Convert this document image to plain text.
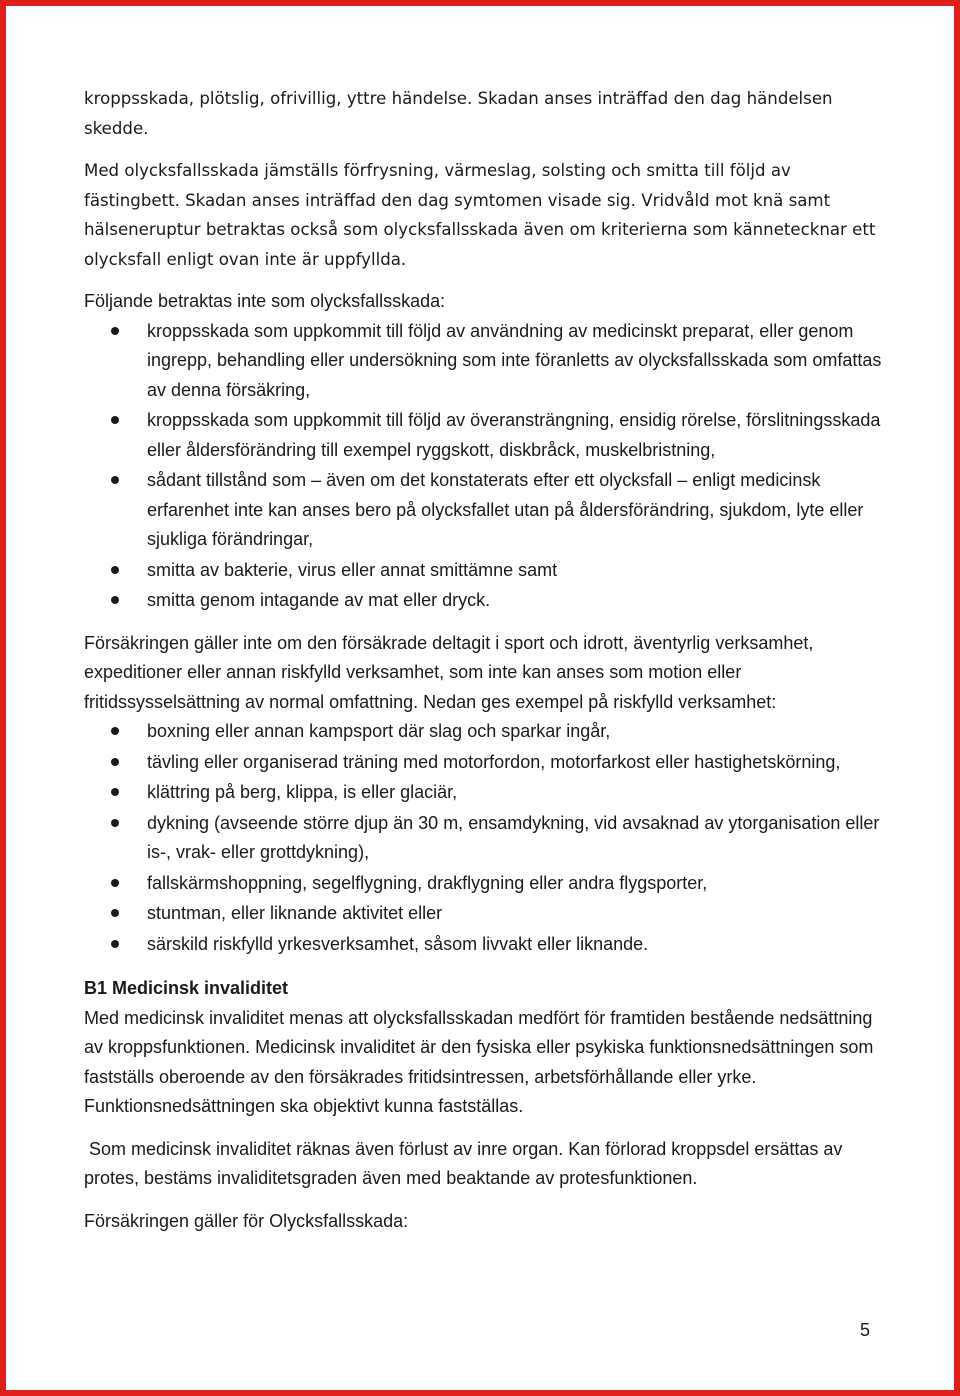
kroppsskada, plötslig, ofrivillig, yttre händelse. Skadan anses inträffad den dag händelsen skedde.

Med olycksfallsskada jämställs förfrysning, värmeslag, solsting och smitta till följd av fästingbett. Skadan anses inträffad den dag symtomen visade sig. Vridvåld mot knä samt hälseneruptur betraktas också som olycksfallsskada även om kriterierna som kännetecknar ett olycksfall enligt ovan inte är uppfyllda.

Följande betraktas inte som olycksfallsskada:

kroppsskada som uppkommit till följd av användning av medicinskt preparat, eller genom ingrepp, behandling eller undersökning som inte föranletts av olycksfallsskada som omfattas av denna försäkring,
kroppsskada som uppkommit till följd av överansträngning, ensidig rörelse, förslitningsskada eller åldersförändring till exempel ryggskott, diskbråck, muskelbristning,
sådant tillstånd som – även om det konstaterats efter ett olycksfall – enligt medicinsk erfarenhet inte kan anses bero på olycksfallet utan på åldersförändring, sjukdom, lyte eller sjukliga förändringar,
smitta av bakterie, virus eller annat smittämne samt
smitta genom intagande av mat eller dryck.

Försäkringen gäller inte om den försäkrade deltagit i sport och idrott, äventyrlig verksamhet, expeditioner eller annan riskfylld verksamhet, som inte kan anses som motion eller fritidssysselsättning av normal omfattning. Nedan ges exempel på riskfylld verksamhet:

boxning eller annan kampsport där slag och sparkar ingår,
tävling eller organiserad träning med motorfordon, motorfarkost eller hastighetskörning,
klättring på berg, klippa, is eller glaciär,
dykning (avseende större djup än 30 m, ensamdykning, vid avsaknad av ytorganisation eller is-, vrak- eller grottdykning),
fallskärmshoppning, segelflygning, drakflygning eller andra flygsporter,
stuntman, eller liknande aktivitet eller
särskild riskfylld yrkesverksamhet, såsom livvakt eller liknande.

B1 Medicinsk invaliditet

Med medicinsk invaliditet menas att olycksfallsskadan medfört för framtiden bestående nedsättning av kroppsfunktionen. Medicinsk invaliditet är den fysiska eller psykiska funktionsnedsättningen som fastställs oberoende av den försäkrades fritidsintressen, arbetsförhållande eller yrke. Funktionsnedsättningen ska objektivt kunna fastställas.

Som medicinsk invaliditet räknas även förlust av inre organ. Kan förlorad kroppsdel ersättas av protes, bestäms invaliditetsgraden även med beaktande av protesfunktionen.

Försäkringen gäller för Olycksfallsskada:

5
